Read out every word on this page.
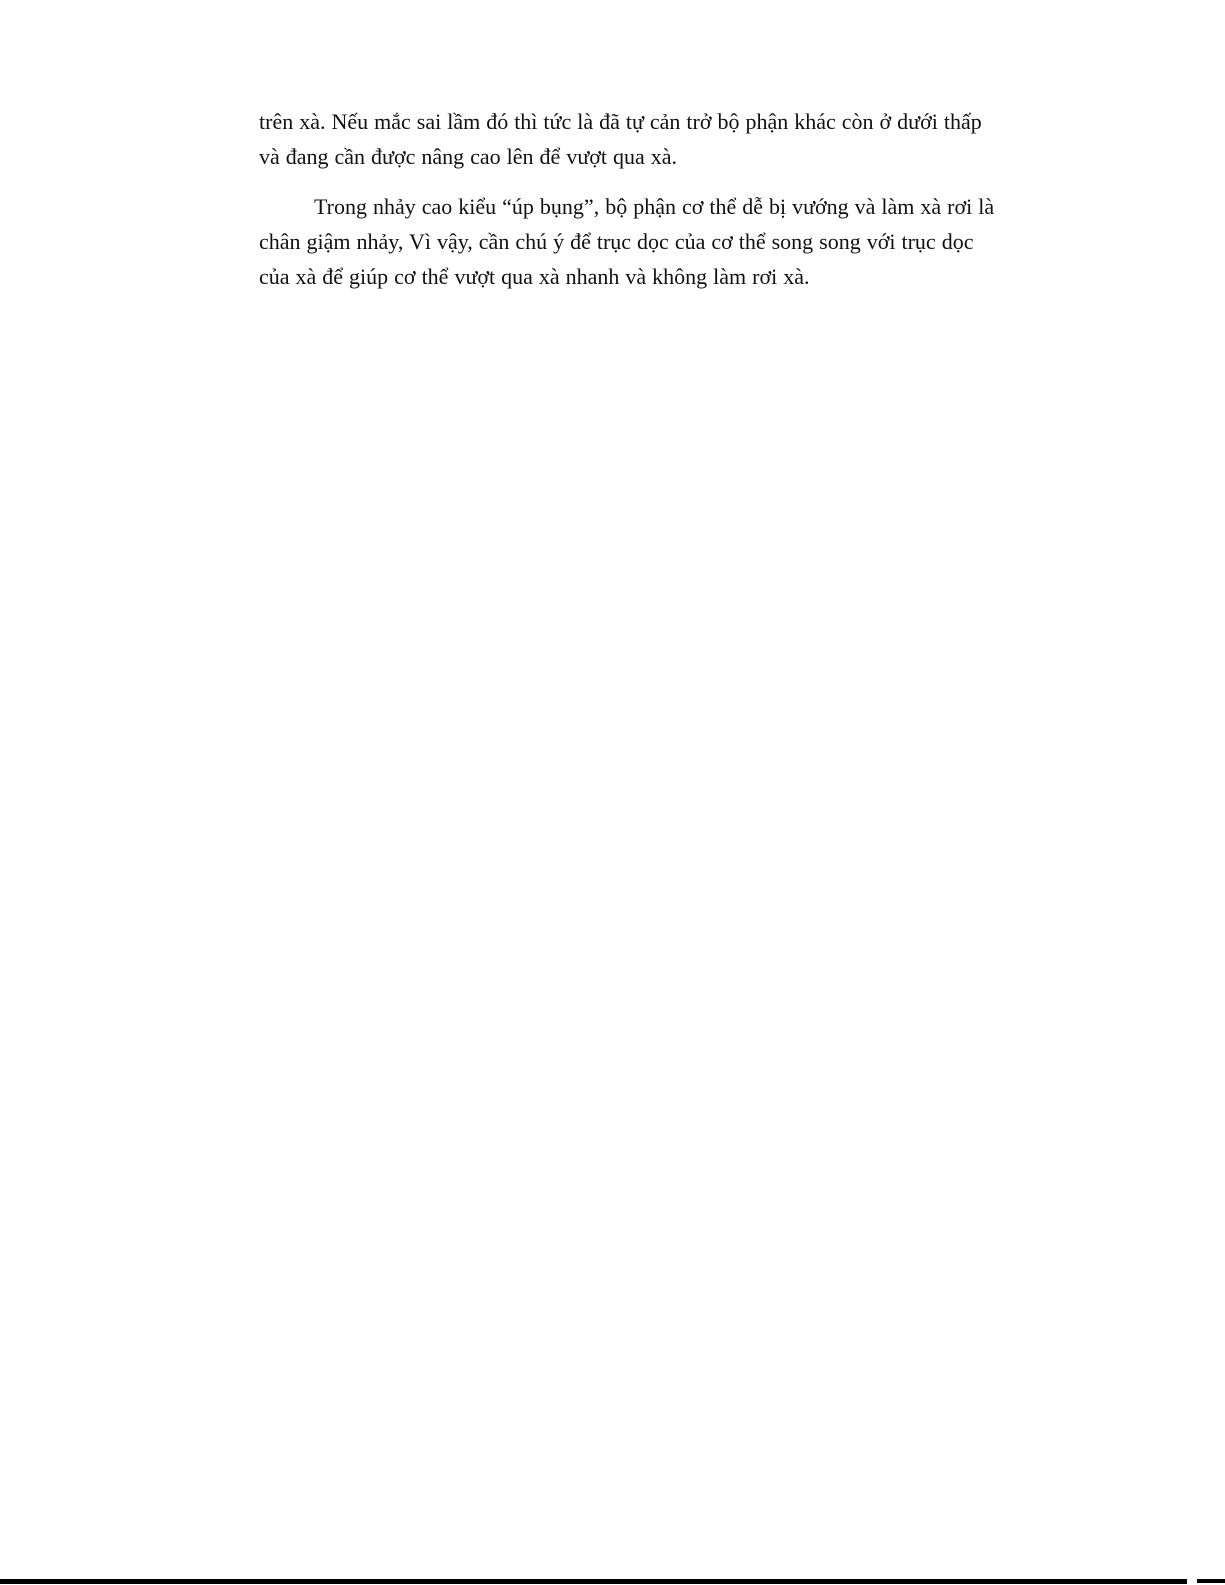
trên xà. Nếu mắc sai lầm đó thì tức là đã tự cản trở bộ phận khác còn ở dưới thấp
và đang cần được nâng cao lên để vượt qua xà.
Trong nhảy cao kiểu “úp bụng”, bộ phận cơ thể dễ bị vướng và làm xà rơi là
chân giậm nhảy, Vì vậy, cần chú ý để trục dọc của cơ thể song song với trục dọc
của xà để giúp cơ thể vượt qua xà nhanh và không làm rơi xà.
